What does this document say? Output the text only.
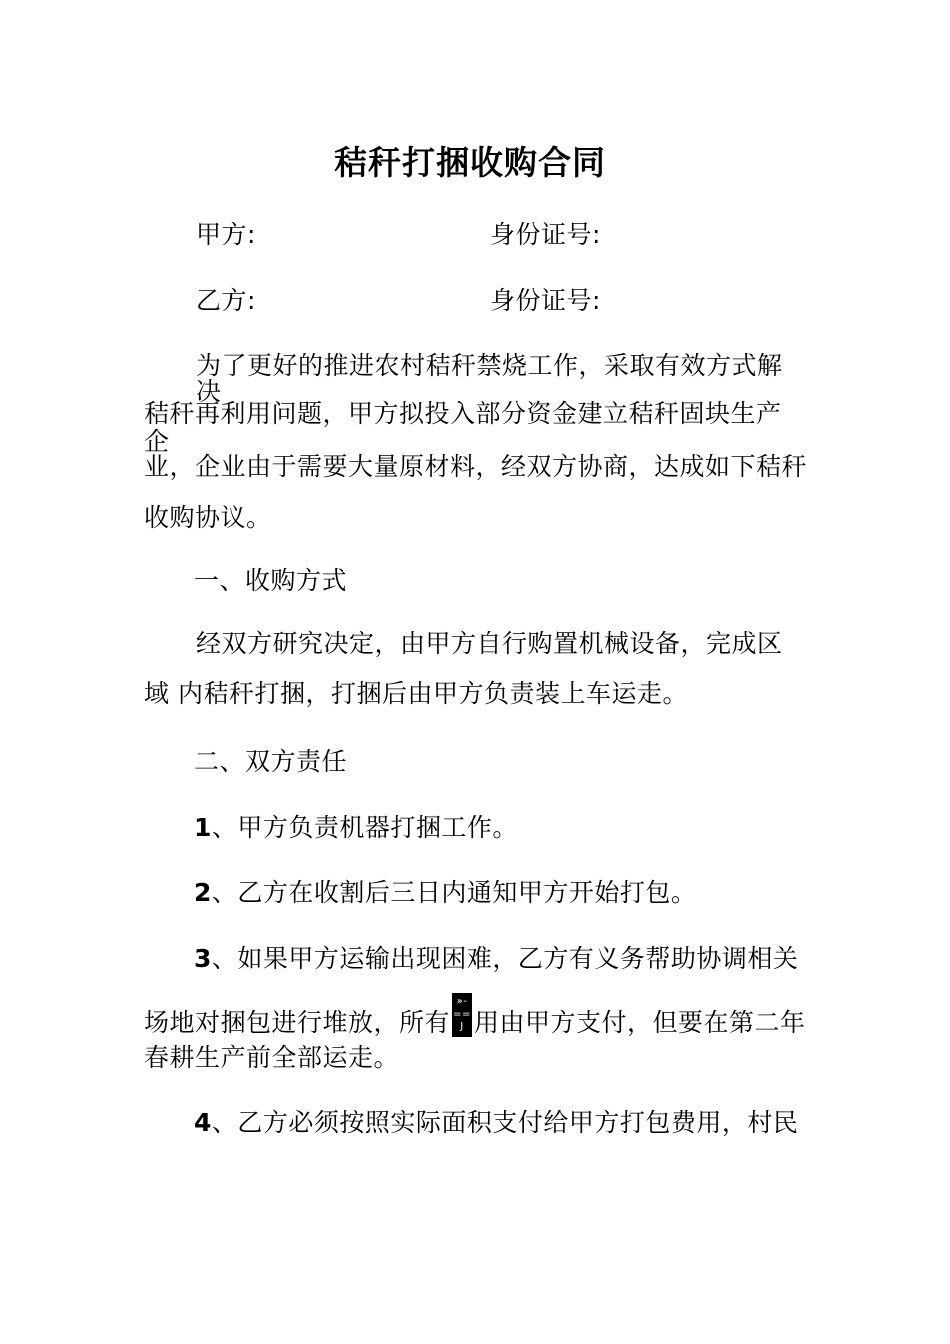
秸秆打捆收购合同
甲方:	身份证号:
乙方:	身份证号:
为了更好的推进农村秸秆禁烧工作，采取有效方式解
决
秸秆再利用问题，甲方拟投入部分资金建立秸秆固块生产
企
业，企业由于需要大量原材料，经双方协商，达成如下秸秆
收购协议。
一、收购方式
经双方研究决定，由甲方自行购置机械设备，完成区
域 内秸秆打捆，打捆后由甲方负责装上车运走。
二、双方责任
1、甲方负责机器打捆工作。
2、乙方在收割后三日内通知甲方开始打包。
3、如果甲方运输出现困难，乙方有义务帮助协调相关
场地对捆包进行堆放，所有
»-
==
J 用由甲方支付，但要在第二年
春耕生产前全部运走。
4、乙方必须按照实际面积支付给甲方打包费用，村民
